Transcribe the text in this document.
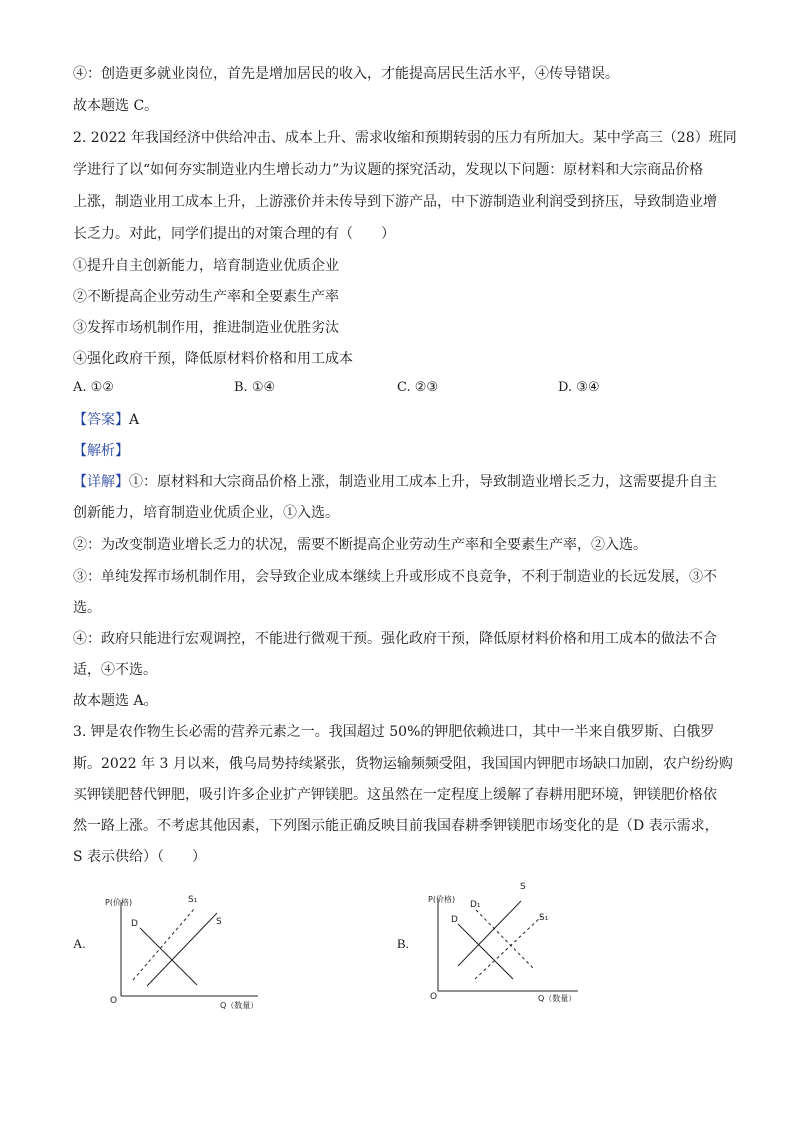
④：创造更多就业岗位，首先是增加居民的收入，才能提高居民生活水平，④传导错误。
故本题选 C。
2. 2022 年我国经济中供给冲击、成本上升、需求收缩和预期转弱的压力有所加大。某中学高三（28）班同
学进行了以“如何夯实制造业内生增长动力”为议题的探究活动，发现以下问题：原材料和大宗商品价格
上涨，制造业用工成本上升，上游涨价并未传导到下游产品，中下游制造业利润受到挤压，导致制造业增
长乏力。对此，同学们提出的对策合理的有（　　）
①提升自主创新能力，培育制造业优质企业
②不断提高企业劳动生产率和全要素生产率
③发挥市场机制作用，推进制造业优胜劣汰
④强化政府干预，降低原材料价格和用工成本
A. ①②	B. ①④	C. ②③	D. ③④
【答案】A
【解析】
【详解】①：原材料和大宗商品价格上涨，制造业用工成本上升，导致制造业增长乏力，这需要提升自主
创新能力，培育制造业优质企业，①入选。
②：为改变制造业增长乏力的状况，需要不断提高企业劳动生产率和全要素生产率，②入选。
③：单纯发挥市场机制作用，会导致企业成本继续上升或形成不良竞争，不利于制造业的长远发展，③不
选。
④：政府只能进行宏观调控，不能进行微观干预。强化政府干预，降低原材料价格和用工成本的做法不合
适，④不选。
故本题选 A。
3. 钾是农作物生长必需的营养元素之一。我国超过 50%的钾肥依赖进口，其中一半来自俄罗斯、白俄罗
斯。2022 年 3 月以来，俄乌局势持续紧张，货物运输频频受阻，我国国内钾肥市场缺口加剧，农户纷纷购
买钾镁肥替代钾肥，吸引许多企业扩产钾镁肥。这虽然在一定程度上缓解了春耕用肥环境，钾镁肥价格依
然一路上涨。不考虑其他因素，下列图示能正确反映目前我国春耕季钾镁肥市场变化的是（D 表示需求，
S 表示供给）（　　）
A.
P(价格)
O	Q（数量）
D	S
S₁
B.
P(价格)
O	Q（数量）
D
D₁
S
S₁
